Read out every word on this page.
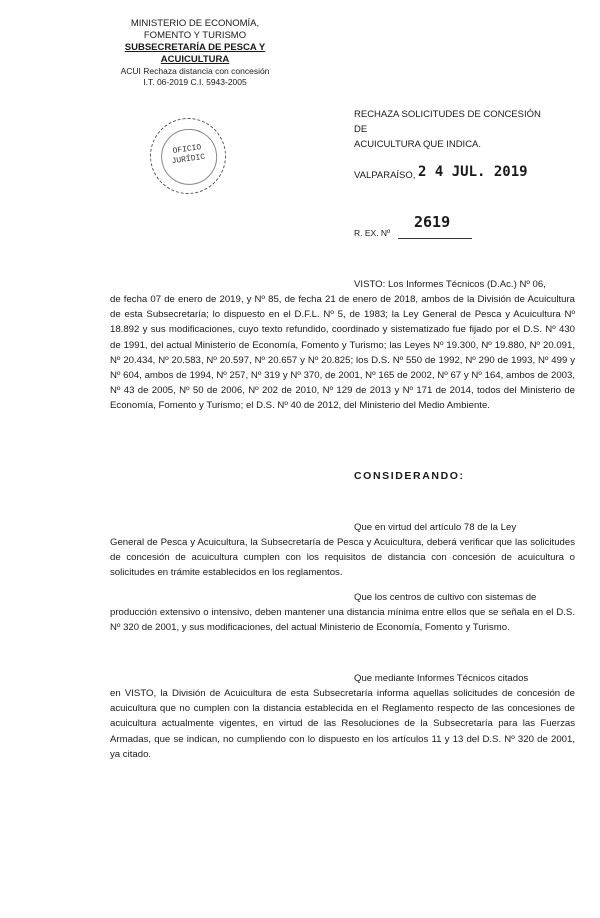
MINISTERIO DE ECONOMÍA,
FOMENTO Y TURISMO
SUBSECRETARÍA DE PESCA Y ACUICULTURA
ACUI Rechaza distancia con concesión
I.T. 06-2019 C.I. 5943-2005
OFICIO
JURÍDIC
RECHAZA SOLICITUDES DE CONCESIÓN DE
ACUICULTURA QUE INDICA.
VALPARAÍSO, 2 4 JUL. 2019
2619
R. EX. Nº
VISTO: Los Informes Técnicos (D.Ac.) Nº 06,
de fecha 07 de enero de 2019, y Nº 85, de fecha 21 de enero de 2018, ambos de la División de Acuicultura de esta Subsecretaría; lo dispuesto en el D.F.L. Nº 5, de 1983; la Ley General de Pesca y Acuicultura Nº 18.892 y sus modificaciones, cuyo texto refundido, coordinado y sistematizado fue fijado por el D.S. Nº 430 de 1991, del actual Ministerio de Economía, Fomento y Turismo; las Leyes Nº 19.300, Nº 19.880, Nº 20.091, Nº 20.434, Nº 20.583, Nº 20.597, Nº 20.657 y Nº 20.825; los D.S. Nº 550 de 1992, Nº 290 de 1993, Nº 499 y Nº 604, ambos de 1994, Nº 257, Nº 319 y Nº 370, de 2001, Nº 165 de 2002, Nº 67 y Nº 164, ambos de 2003, Nº 43 de 2005, Nº 50 de 2006, Nº 202 de 2010, Nº 129 de 2013 y Nº 171 de 2014, todos del Ministerio de Economía, Fomento y Turismo; el D.S. Nº 40 de 2012, del Ministerio del Medio Ambiente.
CONSIDERANDO:
Que en virtud del artículo 78 de la Ley
General de Pesca y Acuicultura, la Subsecretaría de Pesca y Acuicultura, deberá verificar que las solicitudes de concesión de acuicultura cumplen con los requisitos de distancia con concesión de acuicultura o solicitudes en trámite establecidos en los reglamentos.
Que los centros de cultivo con sistemas de
producción extensivo o intensivo, deben mantener una distancia mínima entre ellos que se señala en el D.S. Nº 320 de 2001, y sus modificaciones, del actual Ministerio de Economía, Fomento y Turismo.
Que mediante Informes Técnicos citados
en VISTO, la División de Acuicultura de esta Subsecretaría informa aquellas solicitudes de concesión de acuicultura que no cumplen con la distancia establecida en el Reglamento respecto de las concesiones de acuicultura actualmente vigentes, en virtud de las Resoluciones de la Subsecretaría para las Fuerzas Armadas, que se indican, no cumpliendo con lo dispuesto en los artículos 11 y 13 del D.S. Nº 320 de 2001, ya citado.
